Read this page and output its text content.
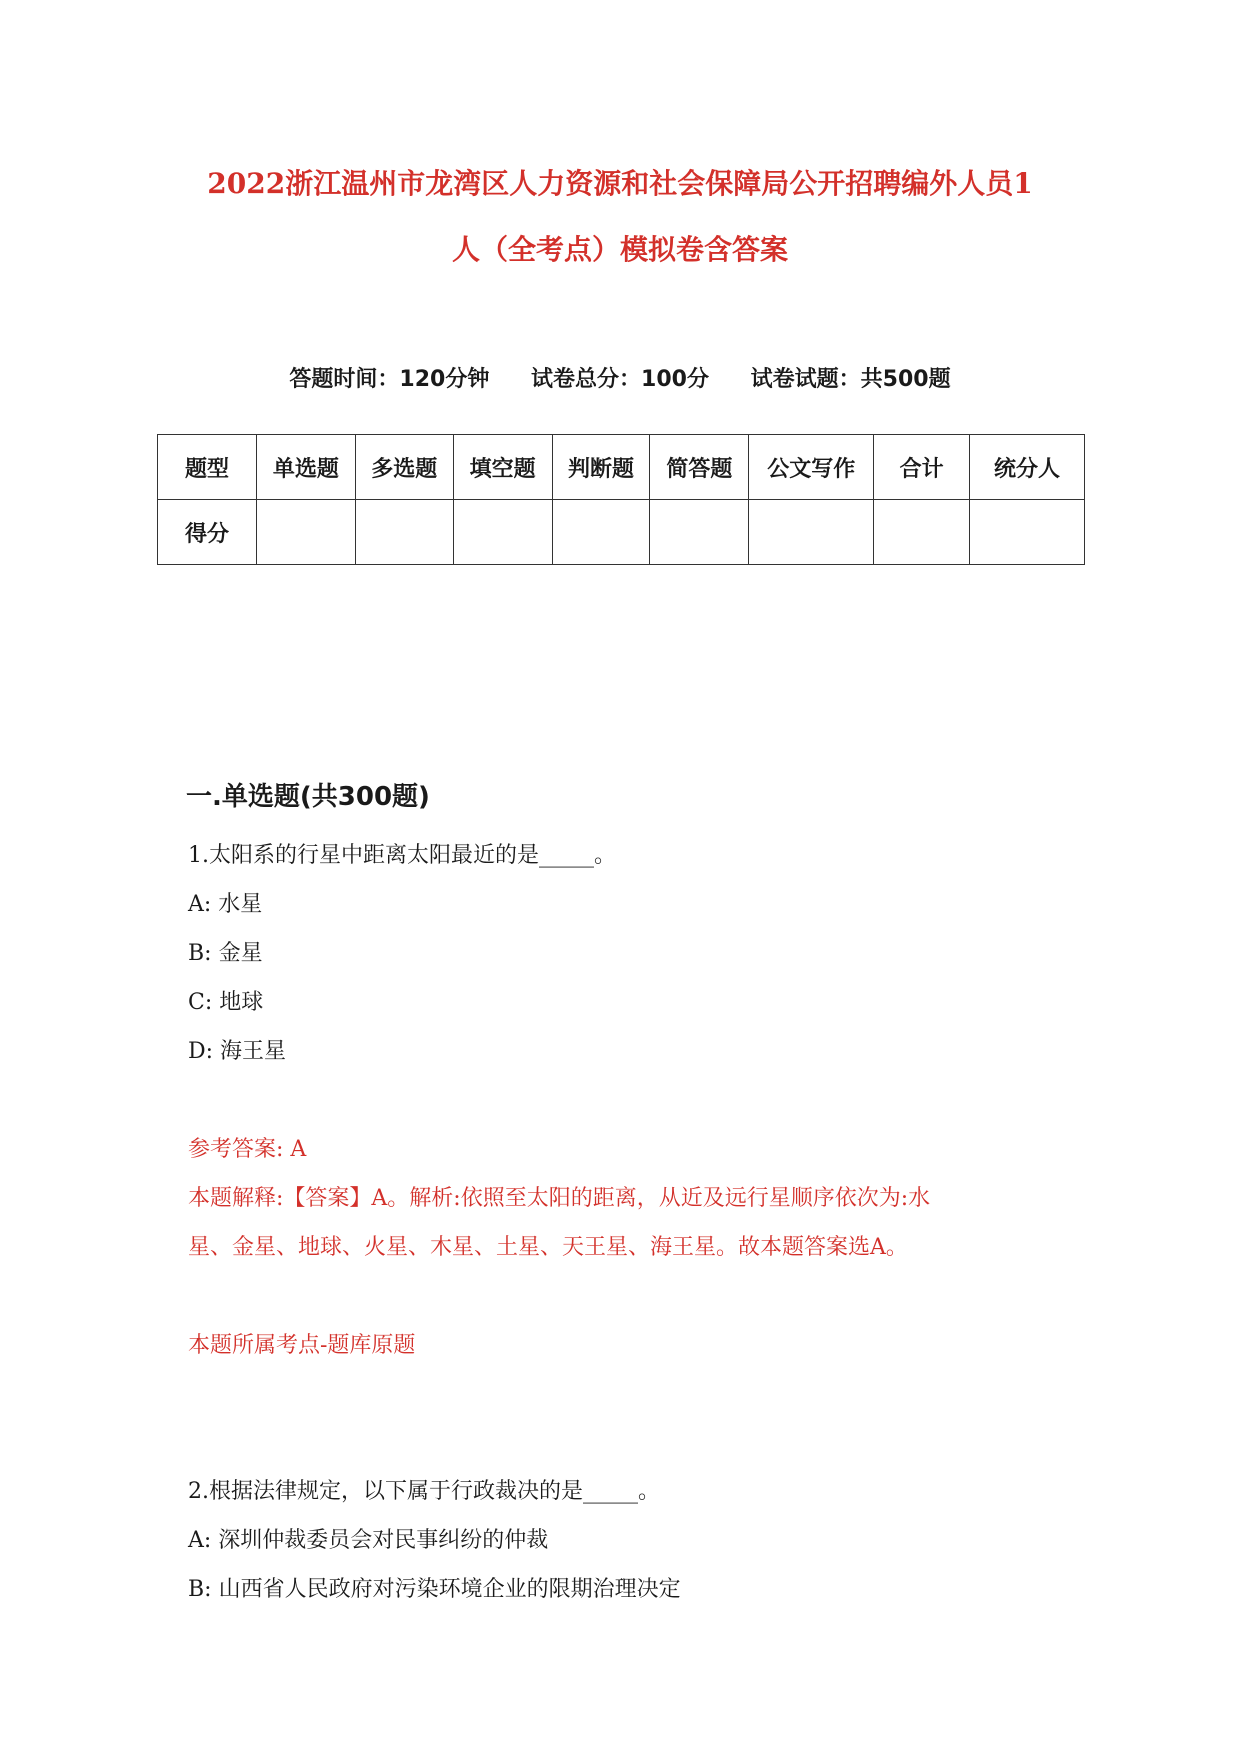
2022浙江温州市龙湾区人力资源和社会保障局公开招聘编外人员1
人（全考点）模拟卷含答案
答题时间：120分钟 试卷总分：100分 试卷试题：共500题
题型	单选题	多选题	填空题	判断题	简答题	公文写作	合计	统分人
得分								
一.单选题(共300题)
1.太阳系的行星中距离太阳最近的是_____。
A: 水星
B: 金星
C: 地球
D: 海王星
参考答案: A
本题解释:【答案】A。解析:依照至太阳的距离，从近及远行星顺序依次为:水
星、金星、地球、火星、木星、土星、天王星、海王星。故本题答案选A。
本题所属考点-题库原题
2.根据法律规定，以下属于行政裁决的是_____。
A: 深圳仲裁委员会对民事纠纷的仲裁
B: 山西省人民政府对污染环境企业的限期治理决定
